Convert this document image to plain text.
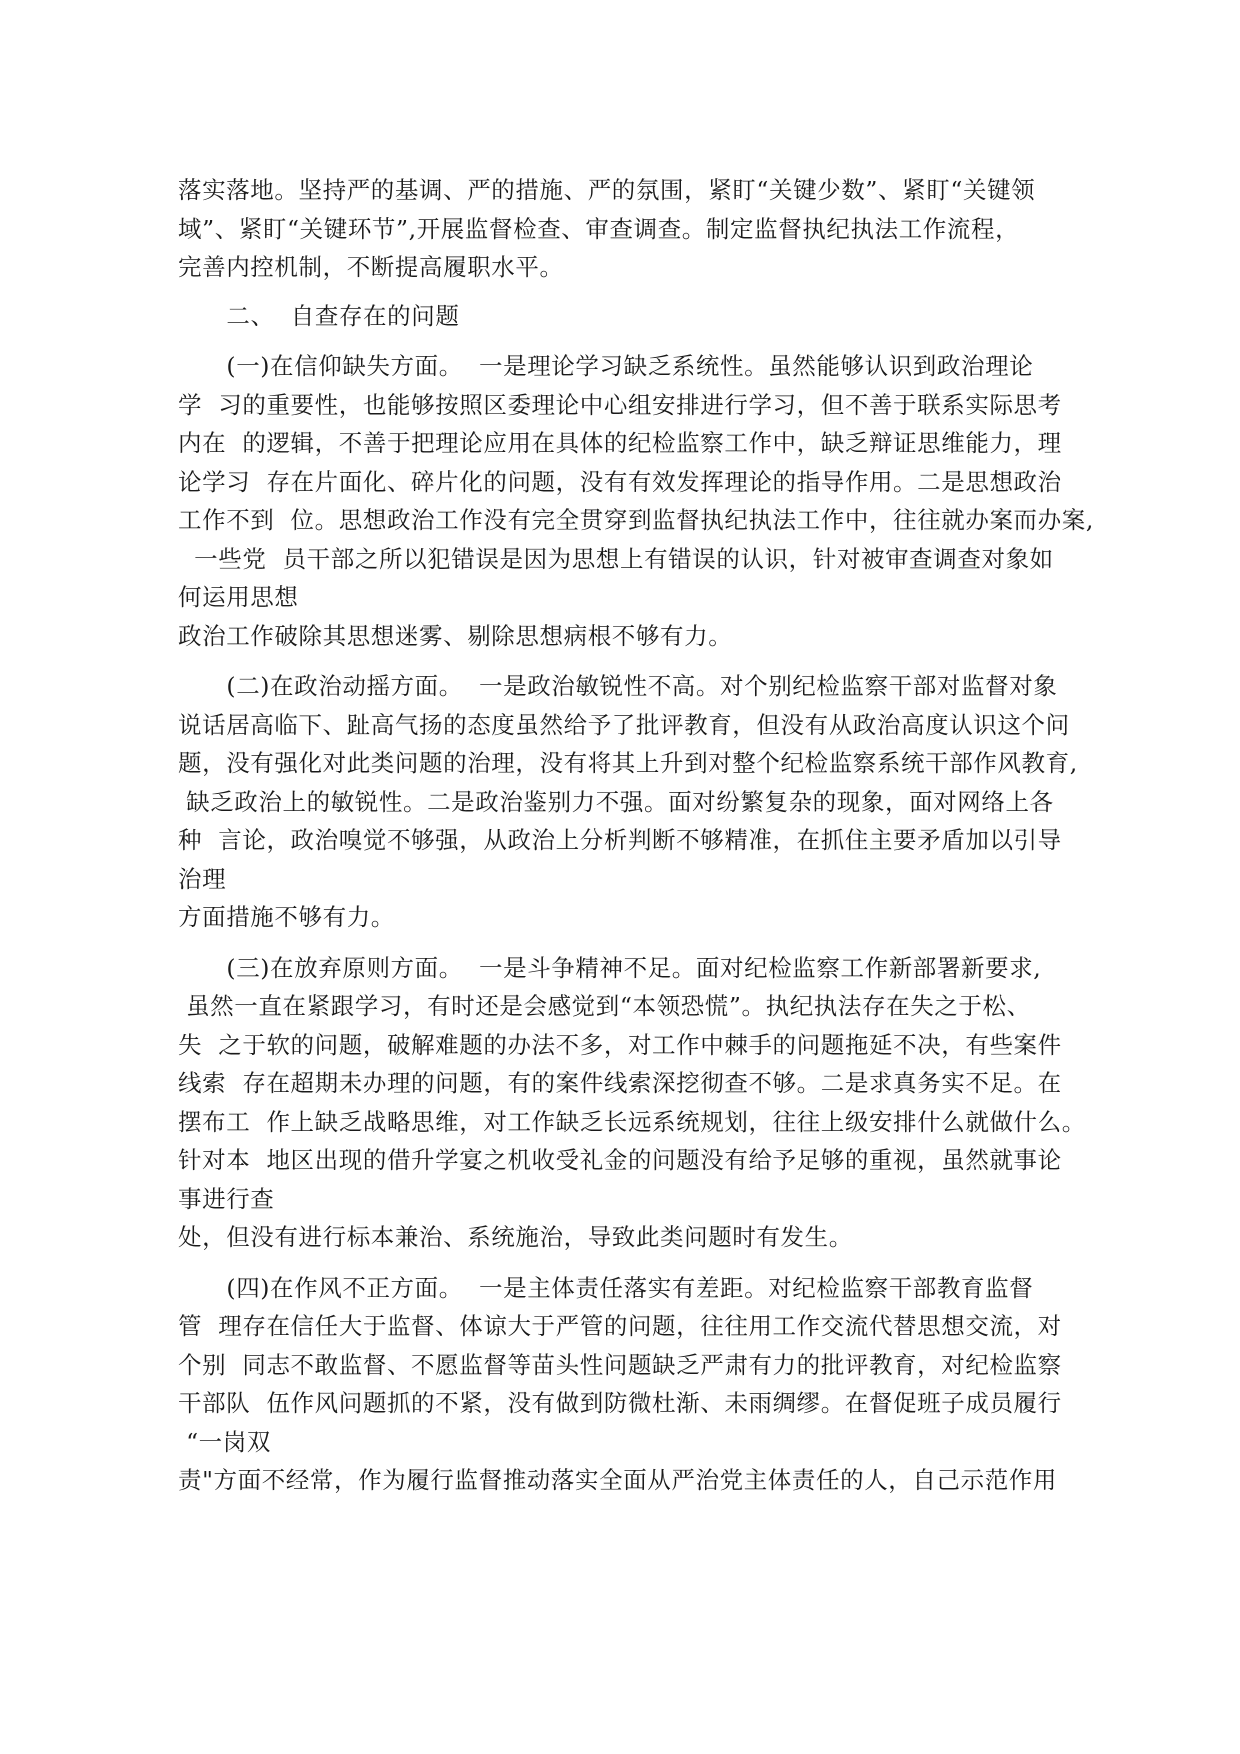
落实落地。坚持严的基调、严的措施、严的氛围，紧盯“关键少数”、紧盯“关键领
域”、紧盯“关键环节”,开展监督检查、审查调查。制定监督执纪执法工作流程，
完善内控机制，不断提高履职水平。
二、  自查存在的问题
(一)在信仰缺失方面。  一是理论学习缺乏系统性。虽然能够认识到政治理论
学  习的重要性，也能够按照区委理论中心组安排进行学习，但不善于联系实际思考
内在  的逻辑，不善于把理论应用在具体的纪检监察工作中，缺乏辩证思维能力，理
论学习  存在片面化、碎片化的问题，没有有效发挥理论的指导作用。二是思想政治
工作不到  位。思想政治工作没有完全贯穿到监督执纪执法工作中，往往就办案而办案,
一些党  员干部之所以犯错误是因为思想上有错误的认识，针对被审查调查对象如
何运用思想
政治工作破除其思想迷雾、剔除思想病根不够有力。
(二)在政治动摇方面。  一是政治敏锐性不高。对个别纪检监察干部对监督对象
说话居高临下、趾高气扬的态度虽然给予了批评教育，但没有从政治高度认识这个问
题，没有强化对此类问题的治理，没有将其上升到对整个纪检监察系统干部作风教育,
缺乏政治上的敏锐性。二是政治鉴别力不强。面对纷繁复杂的现象，面对网络上各
种  言论，政治嗅觉不够强，从政治上分析判断不够精准，在抓住主要矛盾加以引导
治理
方面措施不够有力。
(三)在放弃原则方面。  一是斗争精神不足。面对纪检监察工作新部署新要求,
虽然一直在紧跟学习，有时还是会感觉到“本领恐慌”。执纪执法存在失之于松、
失  之于软的问题，破解难题的办法不多，对工作中棘手的问题拖延不决，有些案件
线索  存在超期未办理的问题，有的案件线索深挖彻查不够。二是求真务实不足。在
摆布工  作上缺乏战略思维，对工作缺乏长远系统规划，往往上级安排什么就做什么。
针对本  地区出现的借升学宴之机收受礼金的问题没有给予足够的重视，虽然就事论
事进行查
处，但没有进行标本兼治、系统施治，导致此类问题时有发生。
(四)在作风不正方面。  一是主体责任落实有差距。对纪检监察干部教育监督
管  理存在信任大于监督、体谅大于严管的问题，往往用工作交流代替思想交流，对
个别  同志不敢监督、不愿监督等苗头性问题缺乏严肃有力的批评教育，对纪检监察
干部队  伍作风问题抓的不紧，没有做到防微杜渐、未雨绸缪。在督促班子成员履行
“一岗双
责"方面不经常，作为履行监督推动落实全面从严治党主体责任的人，自己示范作用
